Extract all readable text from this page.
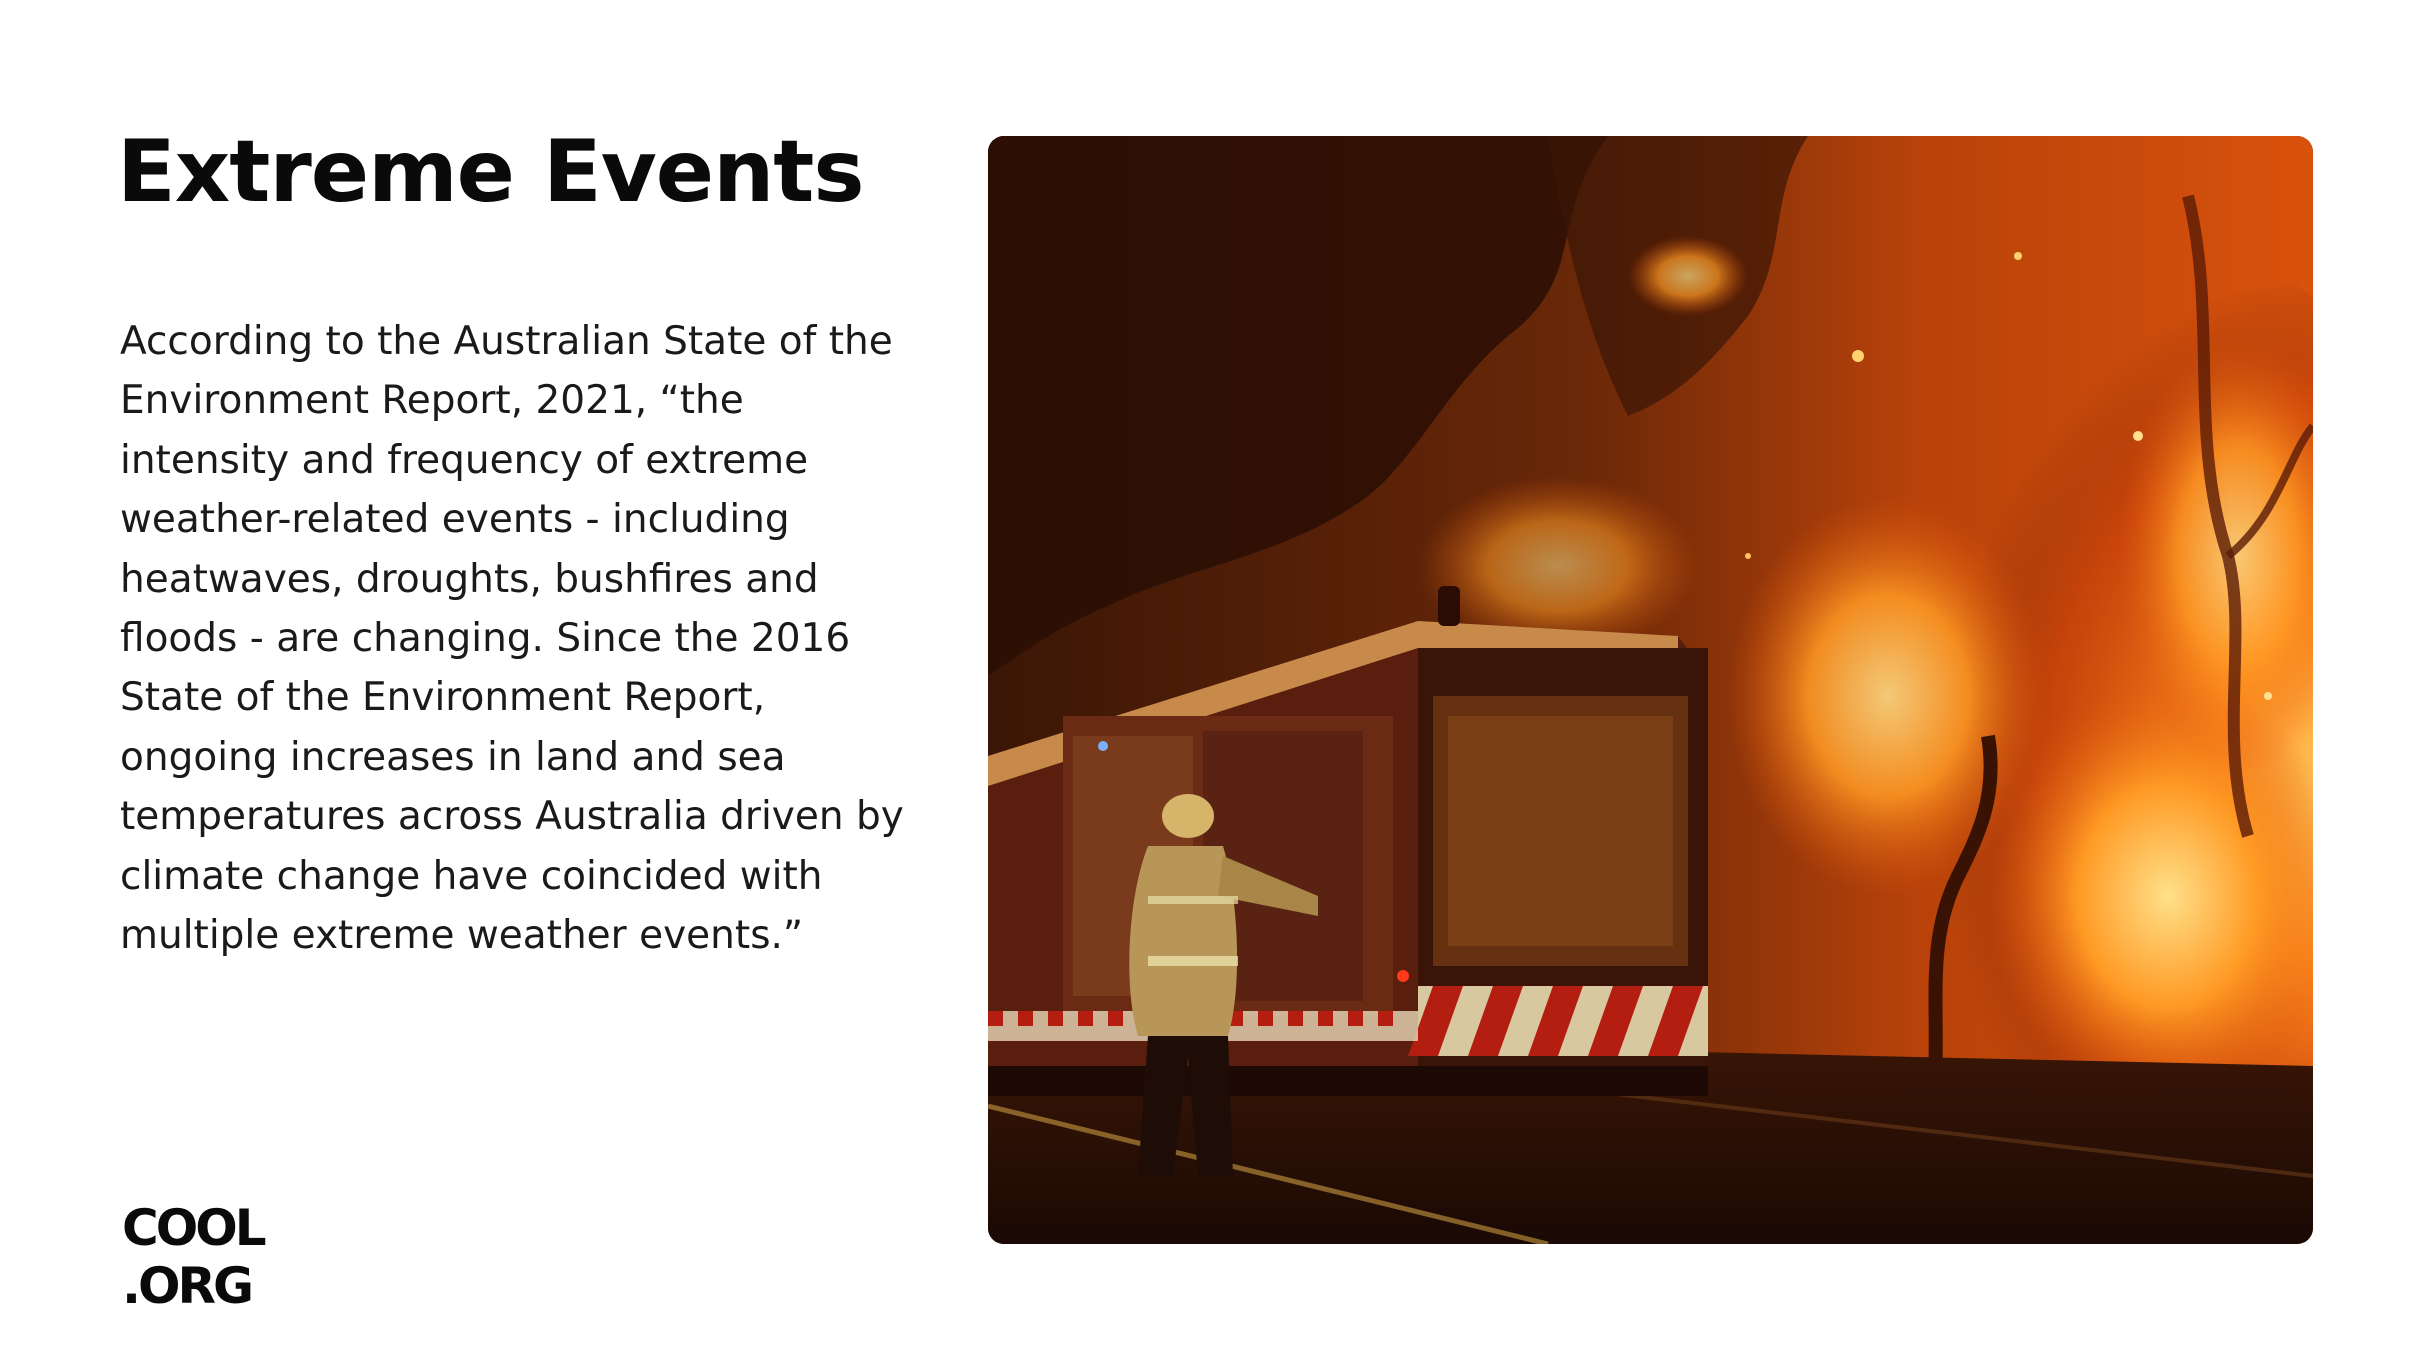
Extreme Events

According to the Australian State of the Environment Report, 2021, “the intensity and frequency of extreme weather-related events - including heatwaves, droughts, bushfires and floods - are changing. Since the 2016 State of the Environment Report, ongoing increases in land and sea temperatures across Australia driven by climate change have coincided with multiple extreme weather events.”

COOL
.ORG
